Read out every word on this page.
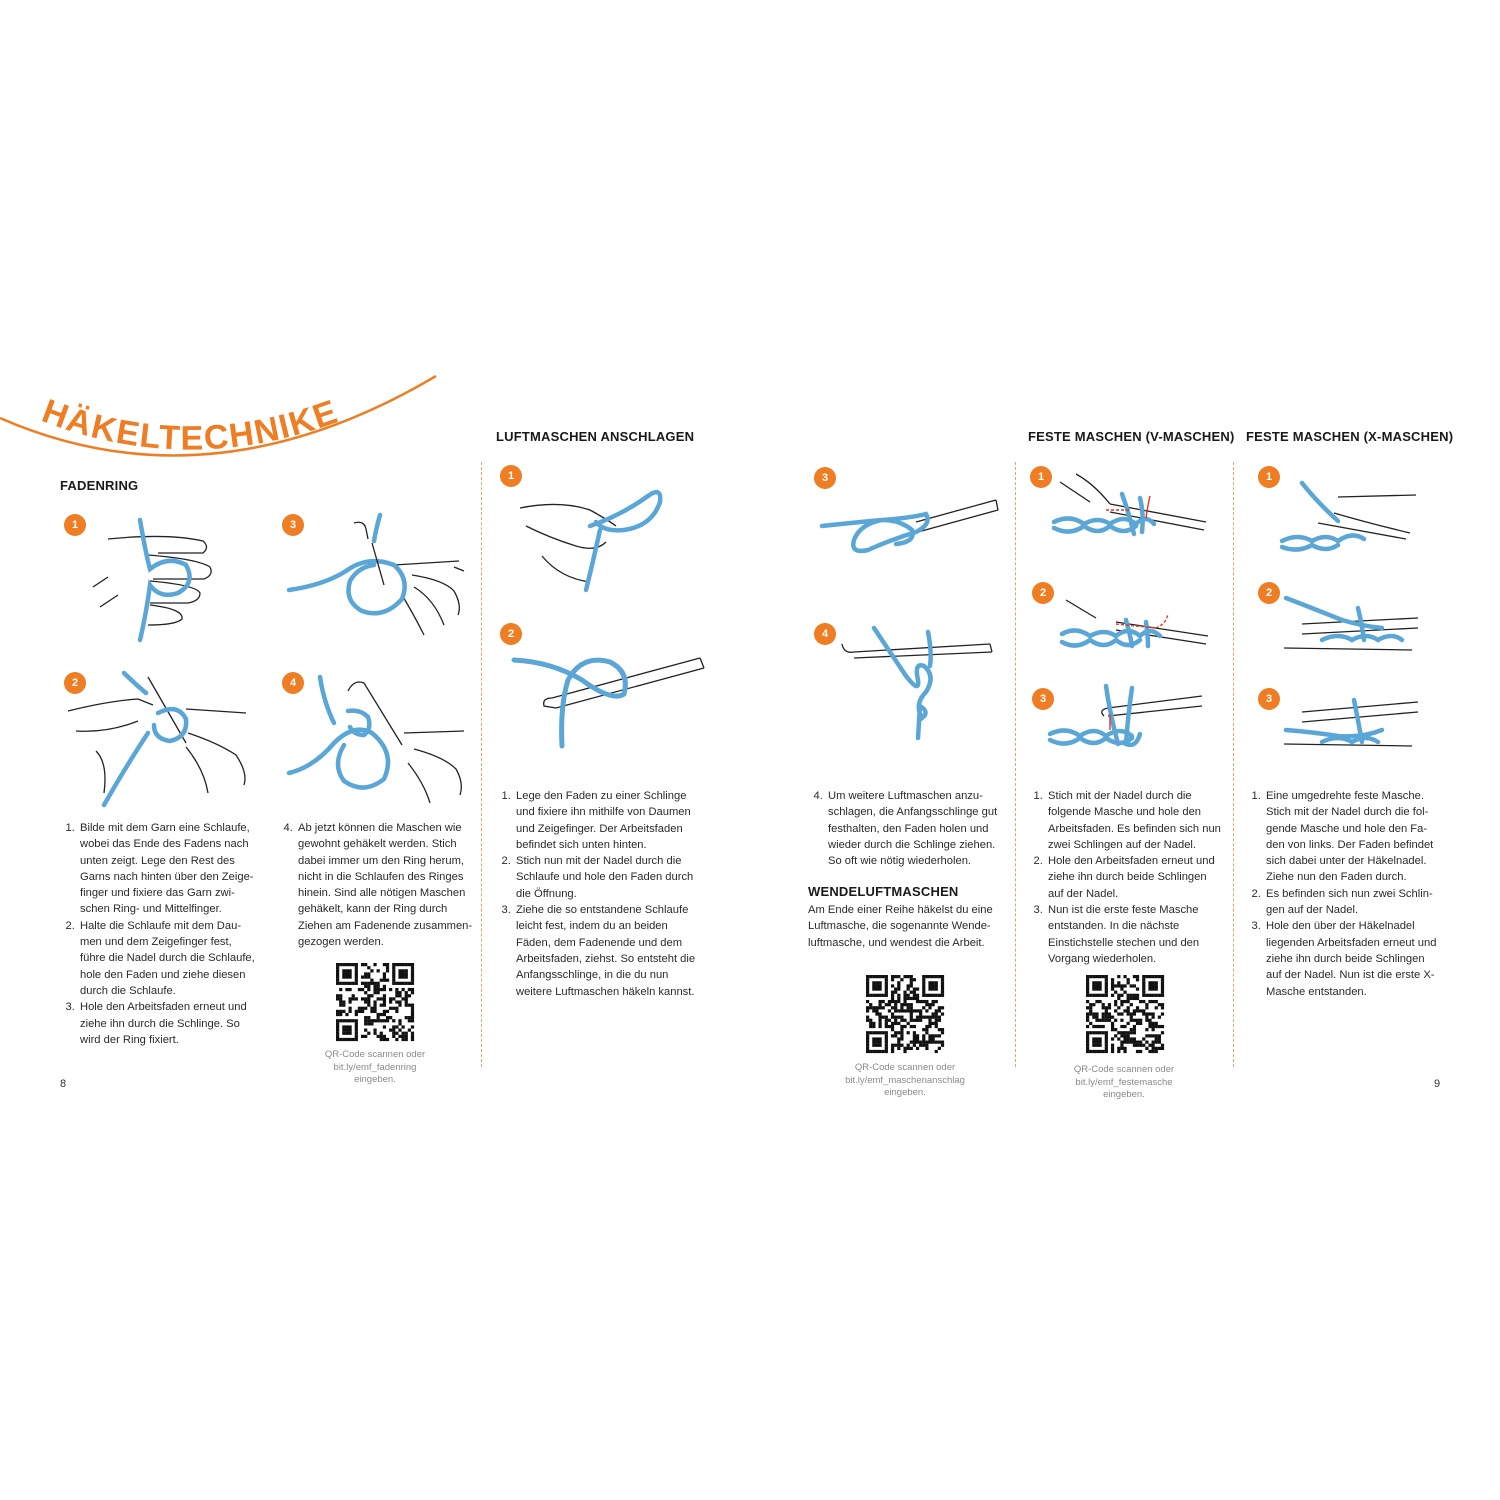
HÄKELTECHNIKEN
FADENRING
LUFTMASCHEN ANSCHLAGEN	FESTE MASCHEN (V-MASCHEN) FESTE MASCHEN (X-MASCHEN)
1	3
2	4
1
2
3
4
1
2
3
1
2
3
1. Bilde mit dem Garn eine Schlaufe, wobei das Ende des Fadens nach unten zeigt. Lege den Rest des Garns nach hinten über den Zeigefinger und fixiere das Garn zwischen Ring- und Mittelfinger.
2. Halte die Schlaufe mit dem Daumen und dem Zeigefinger fest, führe die Nadel durch die Schlaufe, hole den Faden und ziehe diesen durch die Schlaufe.
3. Hole den Arbeitsfaden erneut und ziehe ihn durch die Schlinge. So wird der Ring fixiert.
4. Ab jetzt können die Maschen wie gewohnt gehäkelt werden. Stich dabei immer um den Ring herum, nicht in die Schlaufen des Ringes hinein. Sind alle nötigen Maschen gehäkelt, kann der Ring durch Ziehen am Fadenende zusammengezogen werden.
1. Lege den Faden zu einer Schlinge und fixiere ihn mithilfe von Daumen und Zeigefinger. Der Arbeitsfaden befindet sich unten hinten.
2. Stich nun mit der Nadel durch die Schlaufe und hole den Faden durch die Öffnung.
3. Ziehe die so entstandene Schlaufe leicht fest, indem du an beiden Fäden, dem Fadenende und dem Arbeitsfaden, ziehst. So entsteht die Anfangsschlinge, in die du nun weitere Luftmaschen häkeln kannst.
4. Um weitere Luftmaschen anzuschlagen, die Anfangsschlinge gut festhalten, den Faden holen und wieder durch die Schlinge ziehen. So oft wie nötig wiederholen.
WENDELUFTMASCHEN
Am Ende einer Reihe häkelst du eine Luftmasche, die sogenannte Wendeluftmasche, und wendest die Arbeit.
1. Stich mit der Nadel durch die folgende Masche und hole den Arbeitsfaden. Es befinden sich nun zwei Schlingen auf der Nadel.
2. Hole den Arbeitsfaden erneut und ziehe ihn durch beide Schlingen auf der Nadel.
3. Nun ist die erste feste Masche entstanden. In die nächste Einstichstelle stechen und den Vorgang wiederholen.
1. Eine umgedrehte feste Masche. Stich mit der Nadel durch die folgende Masche und hole den Faden von links. Der Faden befindet sich dabei unter der Häkelnadel. Ziehe nun den Faden durch.
2. Es befinden sich nun zwei Schlingen auf der Nadel.
3. Hole den über der Häkelnadel liegenden Arbeitsfaden erneut und ziehe ihn durch beide Schlingen auf der Nadel. Nun ist die erste X-Masche entstanden.
QR-Code scannen oder
bit.ly/emf_fadenring
eingeben.
QR-Code scannen oder
bit.ly/emf_maschenanschlag
eingeben.
QR-Code scannen oder
bit.ly/emf_festemasche
eingeben.
8	9
